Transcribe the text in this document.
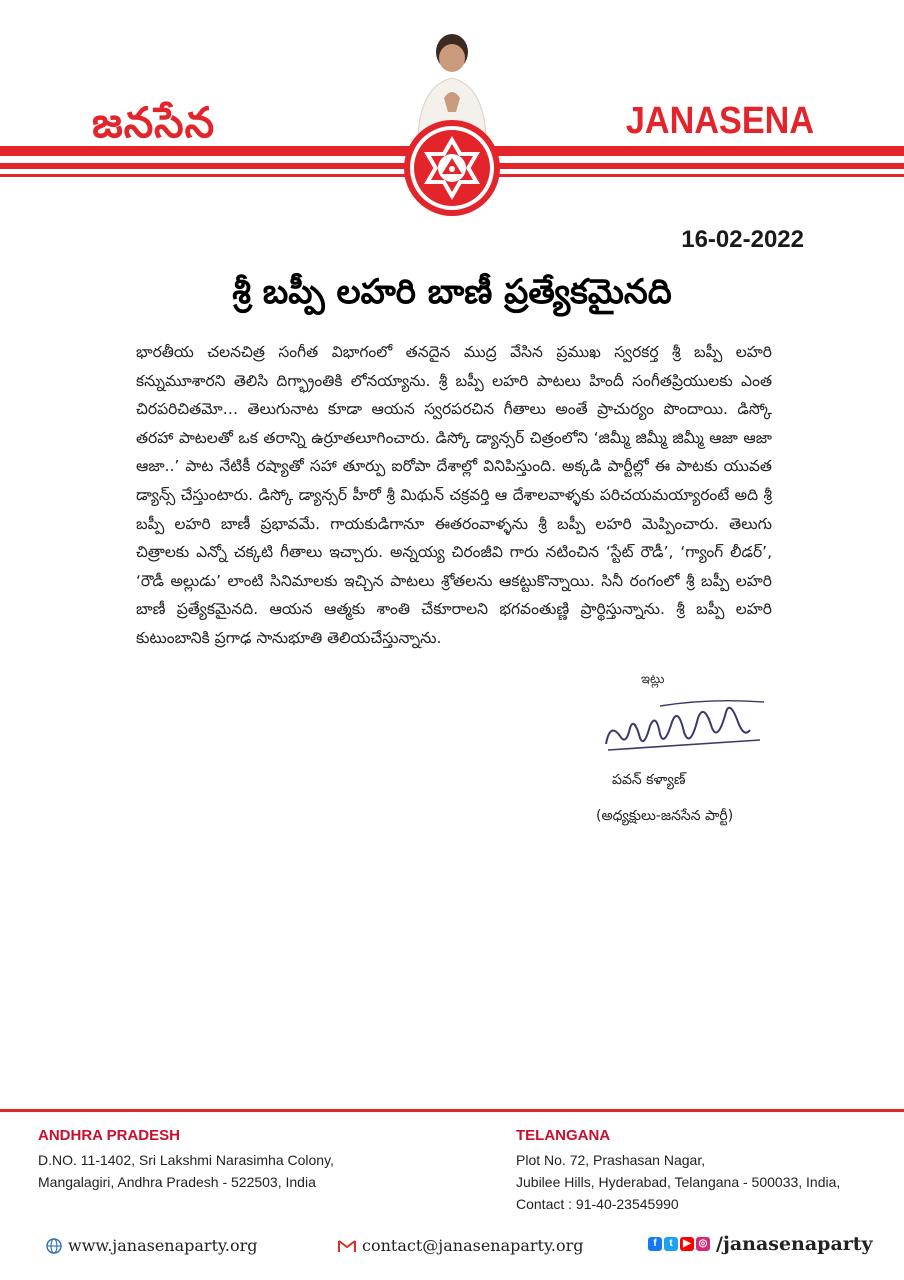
జనసేన	JANASENA
16-02-2022
శ్రీ బప్పీ లహరి బాణీ ప్రత్యేకమైనది
భారతీయ చలనచిత్ర సంగీత విభాగంలో తనదైన ముద్ర వేసిన ప్రముఖ స్వరకర్త శ్రీ బప్పీ లహరి కన్నుమూశారని తెలిసి దిగ్భ్రాంతికి లోనయ్యాను. శ్రీ బప్పీ లహరి పాటలు హిందీ సంగీతప్రియులకు ఎంత చిరపరిచితమో… తెలుగునాట కూడా ఆయన స్వరపరచిన గీతాలు అంతే ప్రాచుర్యం పొందాయి. డిస్కో తరహా పాటలతో ఒక తరాన్ని ఉర్రూతలూగించారు. డిస్కో డ్యాన్సర్ చిత్రంలోని ‘జిమ్మీ జిమ్మీ జిమ్మీ ఆజా ఆజా ఆజా..’ పాట నేటికీ రష్యాతో సహా తూర్పు ఐరోపా దేశాల్లో వినిపిస్తుంది. అక్కడి పార్టీల్లో ఈ పాటకు యువత డ్యాన్స్ చేస్తుంటారు. డిస్కో డ్యాన్సర్ హీరో శ్రీ మిథున్ చక్రవర్తి ఆ దేశాలవాళ్ళకు పరిచయమయ్యారంటే అది శ్రీ బప్పీ లహరి బాణీ ప్రభావమే. గాయకుడిగానూ ఈతరంవాళ్ళను శ్రీ బప్పీ లహరి మెప్పించారు. తెలుగు చిత్రాలకు ఎన్నో చక్కటి గీతాలు ఇచ్చారు. అన్నయ్య చిరంజీవి గారు నటించిన ‘స్టేట్ రౌడీ’, ‘గ్యాంగ్ లీడర్’, ‘రౌడీ అల్లుడు’ లాంటి సినిమాలకు ఇచ్చిన పాటలు శ్రోతలను ఆకట్టుకొన్నాయి. సినీ రంగంలో శ్రీ బప్పీ లహరి బాణీ ప్రత్యేకమైనది. ఆయన ఆత్మకు శాంతి చేకూరాలని భగవంతుణ్ణి ప్రార్థిస్తున్నాను. శ్రీ బప్పీ లహరి కుటుంబానికి ప్రగాఢ సానుభూతి తెలియచేస్తున్నాను.
ఇట్లు
పవన్ కళ్యాణ్
(అధ్యక్షులు-జనసేన పార్టీ)
ANDHRA PRADESH
D.NO. 11-1402, Sri Lakshmi Narasimha Colony,
Mangalagiri, Andhra Pradesh - 522503, India
TELANGANA
Plot No. 72, Prashasan Nagar,
Jubilee Hills, Hyderabad, Telangana - 500033, India,
Contact : 91-40-23545990
www.janasenaparty.org	contact@janasenaparty.org	f	t	▶ ◎ /janasenaparty
